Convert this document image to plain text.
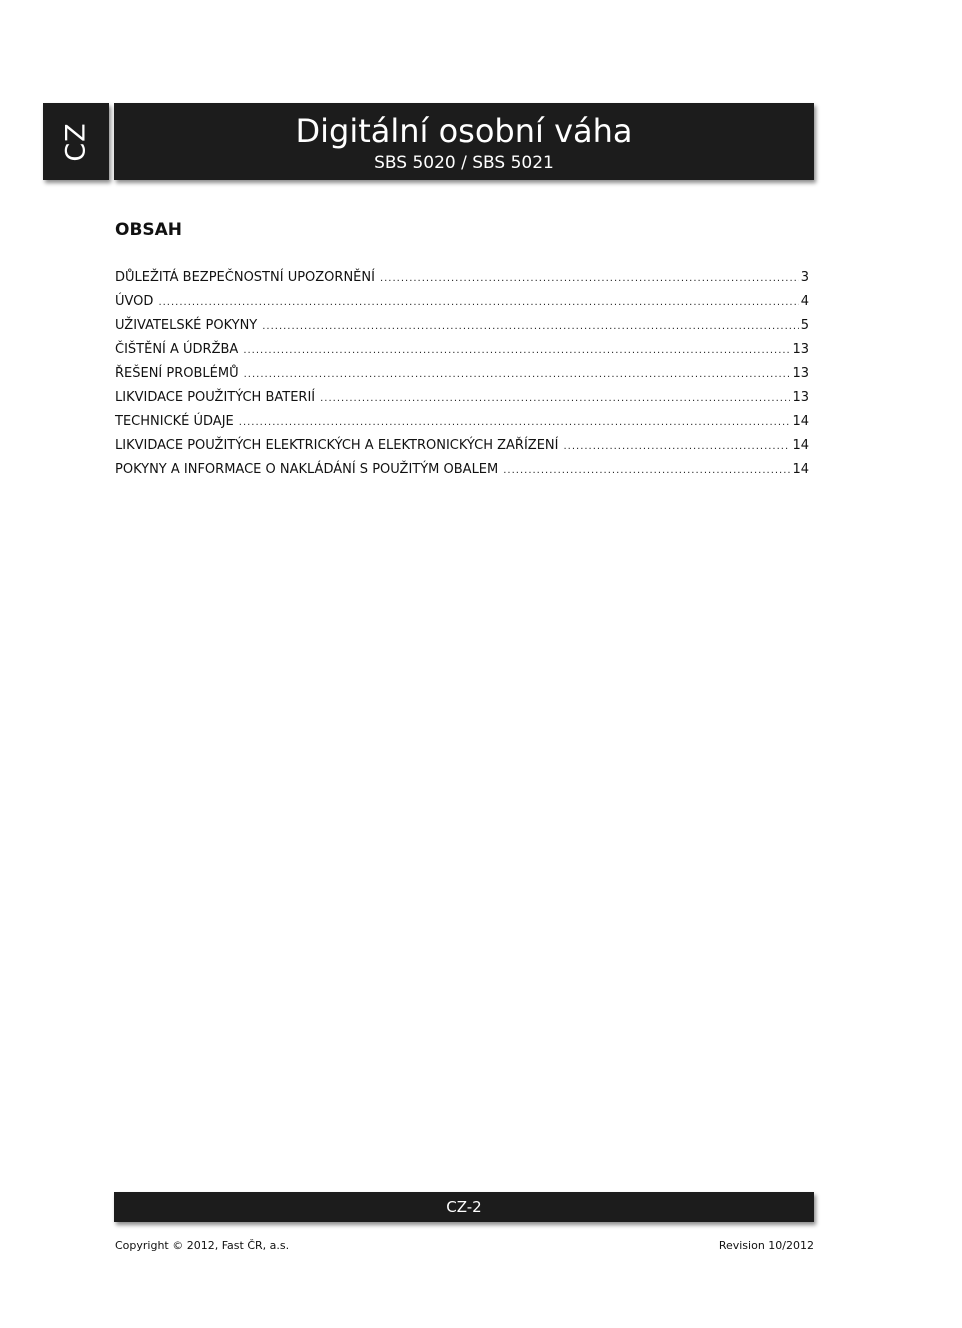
CZ	Digitální osobní váha
SBS 5020 / SBS 5021
OBSAH
DŮLEŽITÁ BEZPEČNOSTNÍ UPOZORNĚNÍ .....	3
ÚVOD .....	4
UŽIVATELSKÉ POKYNY .....	5
ČIŠTĚNÍ A ÚDRŽBA .....	13
ŘEŠENÍ PROBLÉMŮ .....	13
LIKVIDACE POUŽITÝCH BATERIÍ .....	13
TECHNICKÉ ÚDAJE .....	14
LIKVIDACE POUŽITÝCH ELEKTRICKÝCH A ELEKTRONICKÝCH ZAŘÍZENÍ .....	14
POKYNY A INFORMACE O NAKLÁDÁNÍ S POUŽITÝM OBALEM .....	14
CZ-2
Copyright © 2012, Fast ČR, a.s.	Revision 10/2012
